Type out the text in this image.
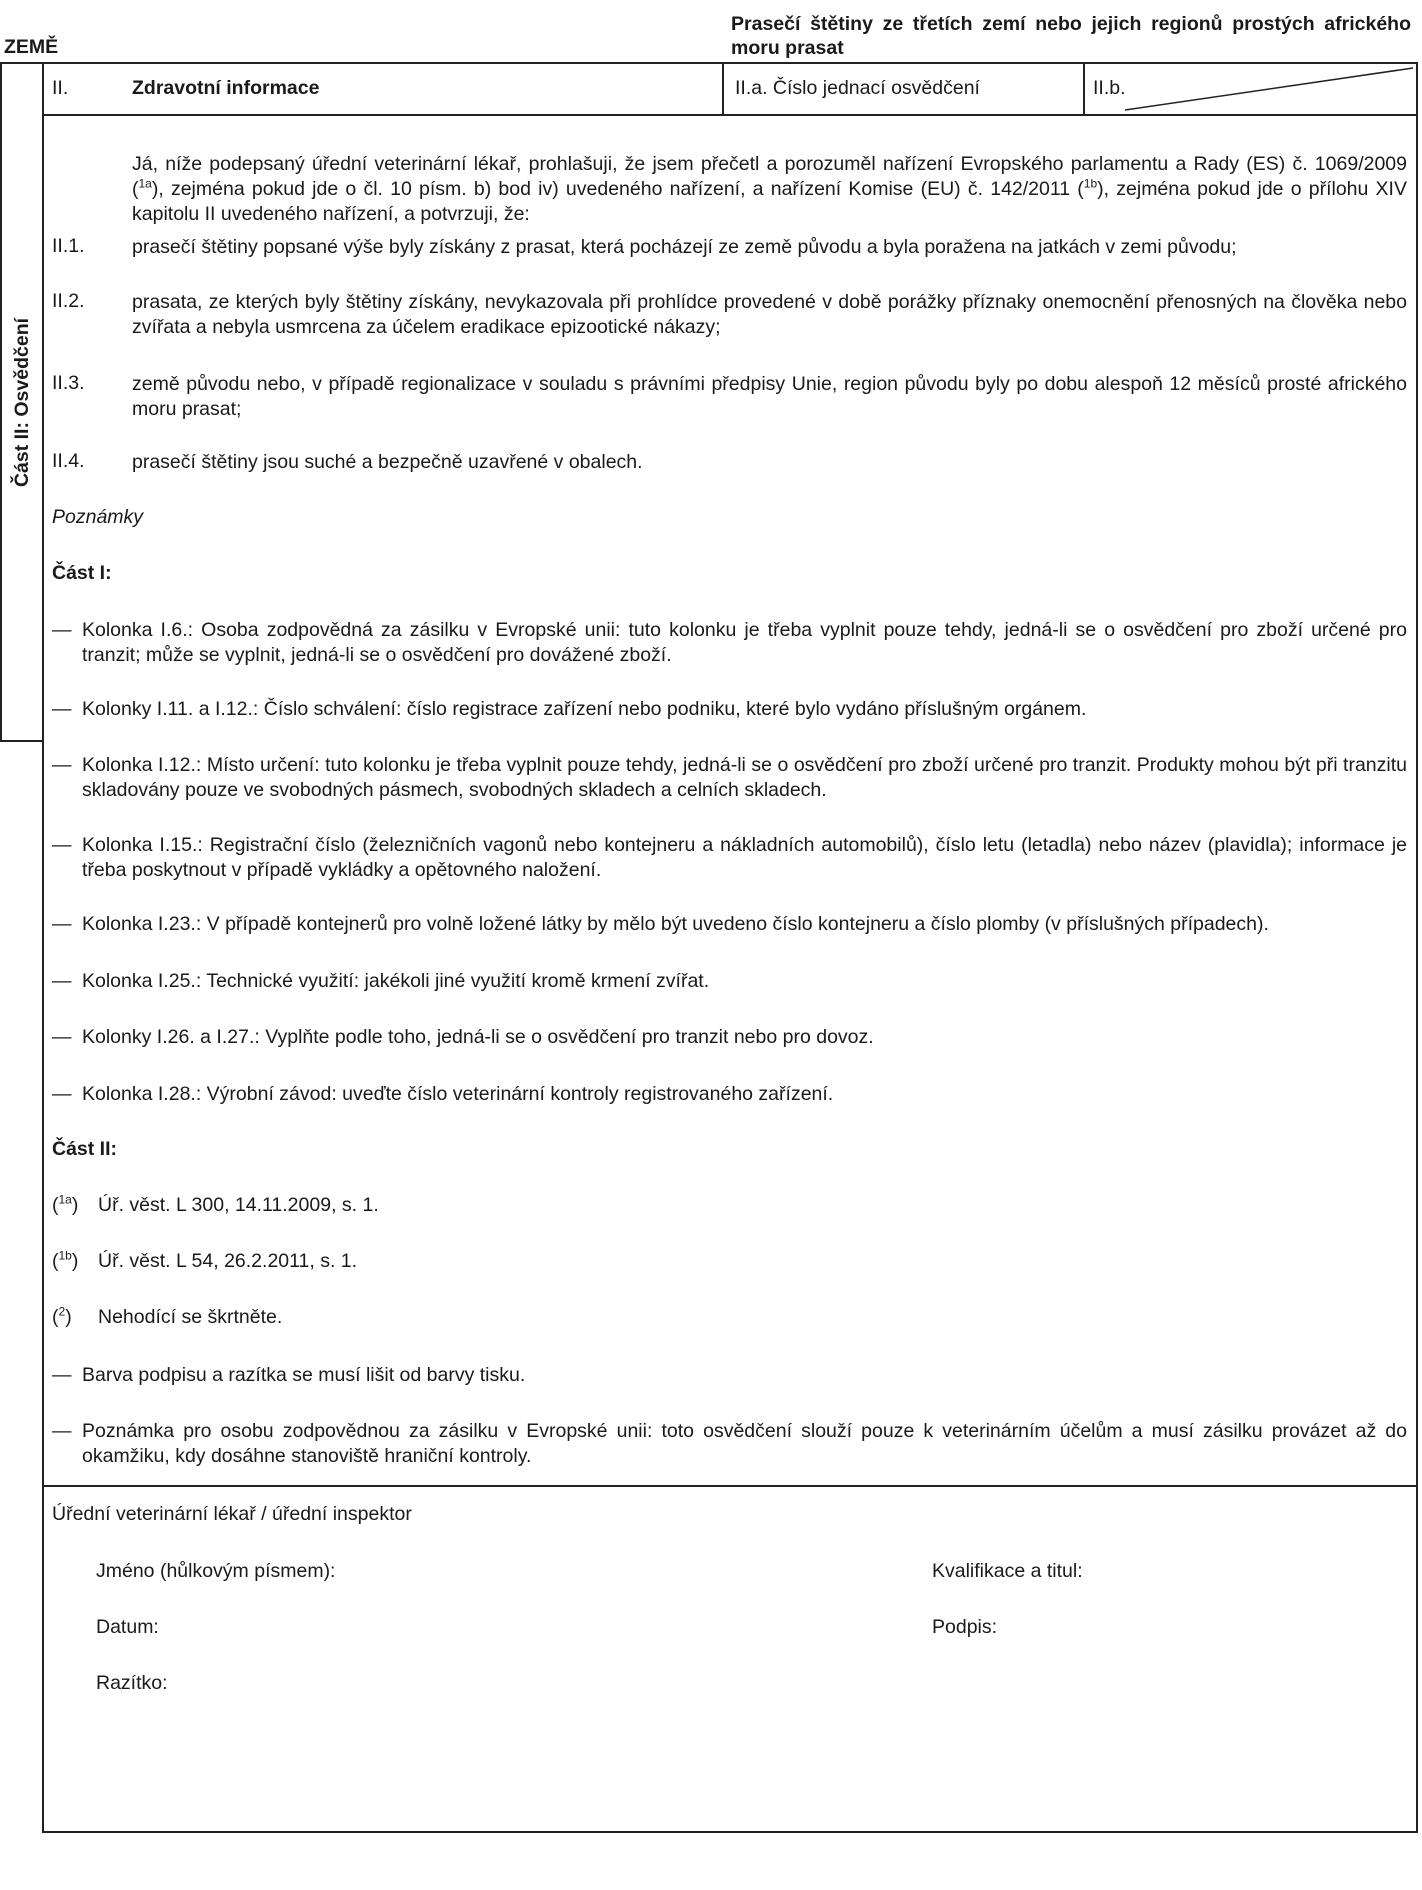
ZEMĚ
Prasečí štětiny ze třetích zemí nebo jejich regionů prostých afrického moru prasat
Část II: Osvědčení
II.	Zdravotní informace	II.a. Číslo jednací osvědčení	II.b.
Já, níže podepsaný úřední veterinární lékař, prohlašuji, že jsem přečetl a porozuměl nařízení Evropského parlamentu a Rady (ES) č. 1069/2009 ($^{1a}$), zejména pokud jde o čl. 10 písm. b) bod iv) uvedeného nařízení, a nařízení Komise (EU) č. 142/2011 ($^{1b}$), zejména pokud jde o přílohu XIV kapitolu II uvedeného nařízení, a potvrzuji, že:
II.1. prasečí štětiny popsané výše byly získány z prasat, která pocházejí ze země původu a byla poražena na jatkách v zemi původu;
II.2. prasata, ze kterých byly štětiny získány, nevykazovala při prohlídce provedené v době porážky příznaky onemocnění přenosných na člověka nebo zvířata a nebyla usmrcena za účelem eradikace epizootické nákazy;
II.3. země původu nebo, v případě regionalizace v souladu s právními předpisy Unie, region původu byly po dobu alespoň 12 měsíců prosté afrického moru prasat;
II.4. prasečí štětiny jsou suché a bezpečně uzavřené v obalech.
Poznámky
Část I:
— Kolonka I.6.: Osoba zodpovědná za zásilku v Evropské unii: tuto kolonku je třeba vyplnit pouze tehdy, jedná-li se o osvědčení pro zboží určené pro tranzit; může se vyplnit, jedná-li se o osvědčení pro dovážené zboží.
— Kolonky I.11. a I.12.: Číslo schválení: číslo registrace zařízení nebo podniku, které bylo vydáno příslušným orgánem.
— Kolonka I.12.: Místo určení: tuto kolonku je třeba vyplnit pouze tehdy, jedná-li se o osvědčení pro zboží určené pro tranzit. Produkty mohou být při tranzitu skladovány pouze ve svobodných pásmech, svobodných skladech a celních skladech.
— Kolonka I.15.: Registrační číslo (železničních vagonů nebo kontejneru a nákladních automobilů), číslo letu (letadla) nebo název (plavidla); informace je třeba poskytnout v případě vykládky a opětovného naložení.
— Kolonka I.23.: V případě kontejnerů pro volně ložené látky by mělo být uvedeno číslo kontejneru a číslo plomby (v příslušných případech).
— Kolonka I.25.: Technické využití: jakékoli jiné využití kromě krmení zvířat.
— Kolonky I.26. a I.27.: Vyplňte podle toho, jedná-li se o osvědčení pro tranzit nebo pro dovoz.
— Kolonka I.28.: Výrobní závod: uveďte číslo veterinární kontroly registrovaného zařízení.
Část II:
($^{1a}$) Úř. věst. L 300, 14.11.2009, s. 1.
($^{1b}$) Úř. věst. L 54, 26.2.2011, s. 1.
($^2$) Nehodící se škrtněte.
— Barva podpisu a razítka se musí lišit od barvy tisku.
— Poznámka pro osobu zodpovědnou za zásilku v Evropské unii: toto osvědčení slouží pouze k veterinárním účelům a musí zásilku provázet až do okamžiku, kdy dosáhne stanoviště hraniční kontroly.
Úřední veterinární lékař / úřední inspektor
Jméno (hůlkovým písmem):	Kvalifikace a titul:
Datum:	Podpis:
Razítko:
